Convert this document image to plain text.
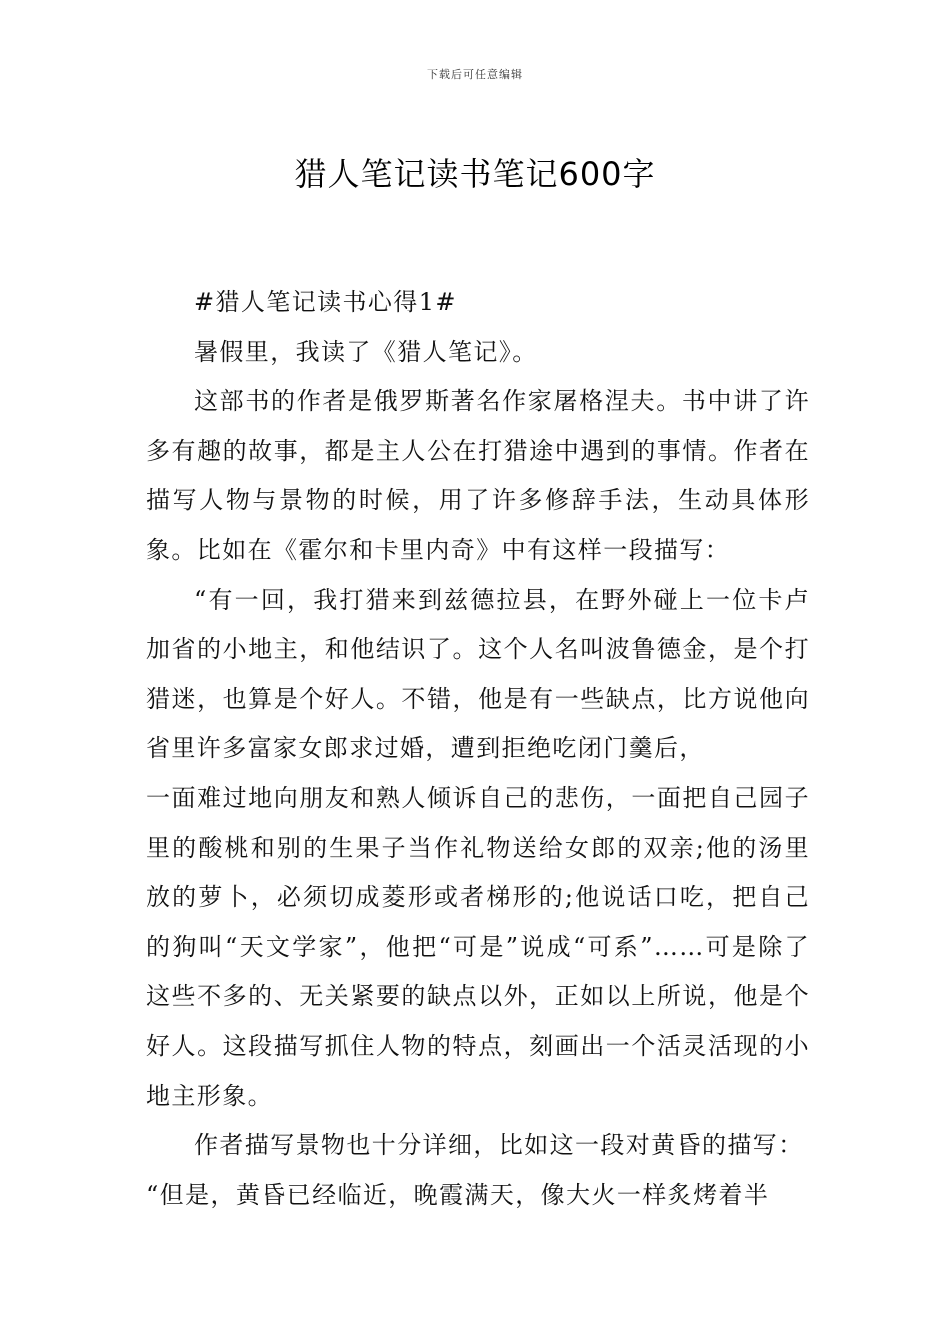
下载后可任意编辑
猎人笔记读书笔记600字

#猎人笔记读书心得1#

暑假里，我读了《猎人笔记》。

这部书的作者是俄罗斯著名作家屠格涅夫。书中讲了许多有趣的故事，都是主人公在打猎途中遇到的事情。作者在描写人物与景物的时候，用了许多修辞手法，生动具体形象。比如在《霍尔和卡里内奇》中有这样一段描写：

“有一回，我打猎来到兹德拉县，在野外碰上一位卡卢加省的小地主，和他结识了。这个人名叫波鲁德金，是个打猎迷，也算是个好人。不错，他是有一些缺点，比方说他向省里许多富家女郎求过婚，遭到拒绝吃闭门羹后，

一面难过地向朋友和熟人倾诉自己的悲伤，一面把自己园子里的酸桃和别的生果子当作礼物送给女郎的双亲;他的汤里放的萝卜，必须切成菱形或者梯形的;他说话口吃，把自己的狗叫“天文学家”，他把“可是”说成“可系”……可是除了这些不多的、无关紧要的缺点以外，正如以上所说，他是个好人。这段描写抓住人物的特点，刻画出一个活灵活现的小地主形象。

作者描写景物也十分详细，比如这一段对黄昏的描写：

“但是，黄昏已经临近，晚霞满天，像大火一样炙烤着半
